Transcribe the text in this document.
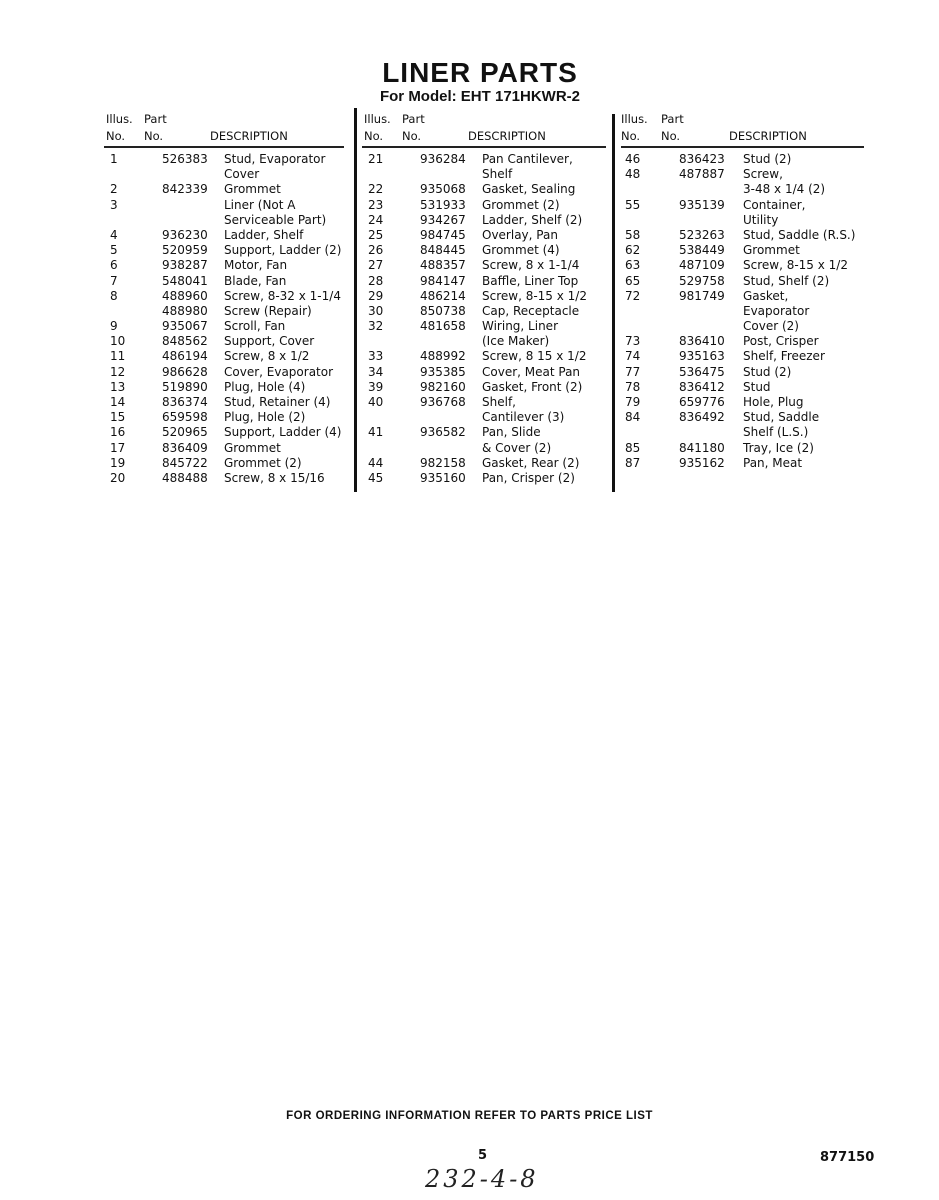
LINER PARTS
For Model: EHT 171HKWR-2
Illus. Part
No. No.	DESCRIPTION
1	526383 Stud, Evaporator
Cover
2	842339 Grommet
3	Liner (Not A
Serviceable Part)
4	936230 Ladder, Shelf
5	520959 Support, Ladder (2)
6	938287 Motor, Fan
7	548041 Blade, Fan
8	488960 Screw, 8-32 x 1-1/4
488980 Screw (Repair)
9	935067 Scroll, Fan
10	848562 Support, Cover
11	486194 Screw, 8 x 1/2
12	986628 Cover, Evaporator
13	519890 Plug, Hole (4)
14	836374 Stud, Retainer (4)
15	659598 Plug, Hole (2)
16	520965 Support, Ladder (4)
17	836409 Grommet
19	845722 Grommet (2)
20	488488 Screw, 8 x 15/16
Illus. Part
No. No.	DESCRIPTION
21	936284 Pan Cantilever,
Shelf
22	935068 Gasket, Sealing
23	531933 Grommet (2)
24	934267 Ladder, Shelf (2)
25	984745 Overlay, Pan
26	848445 Grommet (4)
27	488357 Screw, 8 x 1-1/4
28	984147 Baffle, Liner Top
29	486214 Screw, 8-15 x 1/2
30	850738 Cap, Receptacle
32	481658 Wiring, Liner
(Ice Maker)
33	488992 Screw, 8 15 x 1/2
34	935385 Cover, Meat Pan
39	982160 Gasket, Front (2)
40	936768 Shelf,
Cantilever (3)
41	936582 Pan, Slide
& Cover (2)
44	982158 Gasket, Rear (2)
45	935160 Pan, Crisper (2)
Illus. Part
No. No.	DESCRIPTION
46	836423 Stud (2)
48	487887 Screw,
3-48 x 1/4 (2)
55	935139 Container,
Utility
58	523263 Stud, Saddle (R.S.)
62	538449 Grommet
63	487109 Screw, 8-15 x 1/2
65	529758 Stud, Shelf (2)
72	981749 Gasket,
Evaporator
Cover (2)
73	836410 Post, Crisper
74	935163 Shelf, Freezer
77	536475 Stud (2)
78	836412 Stud
79	659776 Hole, Plug
84	836492 Stud, Saddle
Shelf (L.S.)
85	841180 Tray, Ice (2)
87	935162 Pan, Meat
FOR ORDERING INFORMATION REFER TO PARTS PRICE LIST
5	877150
232-4-8
